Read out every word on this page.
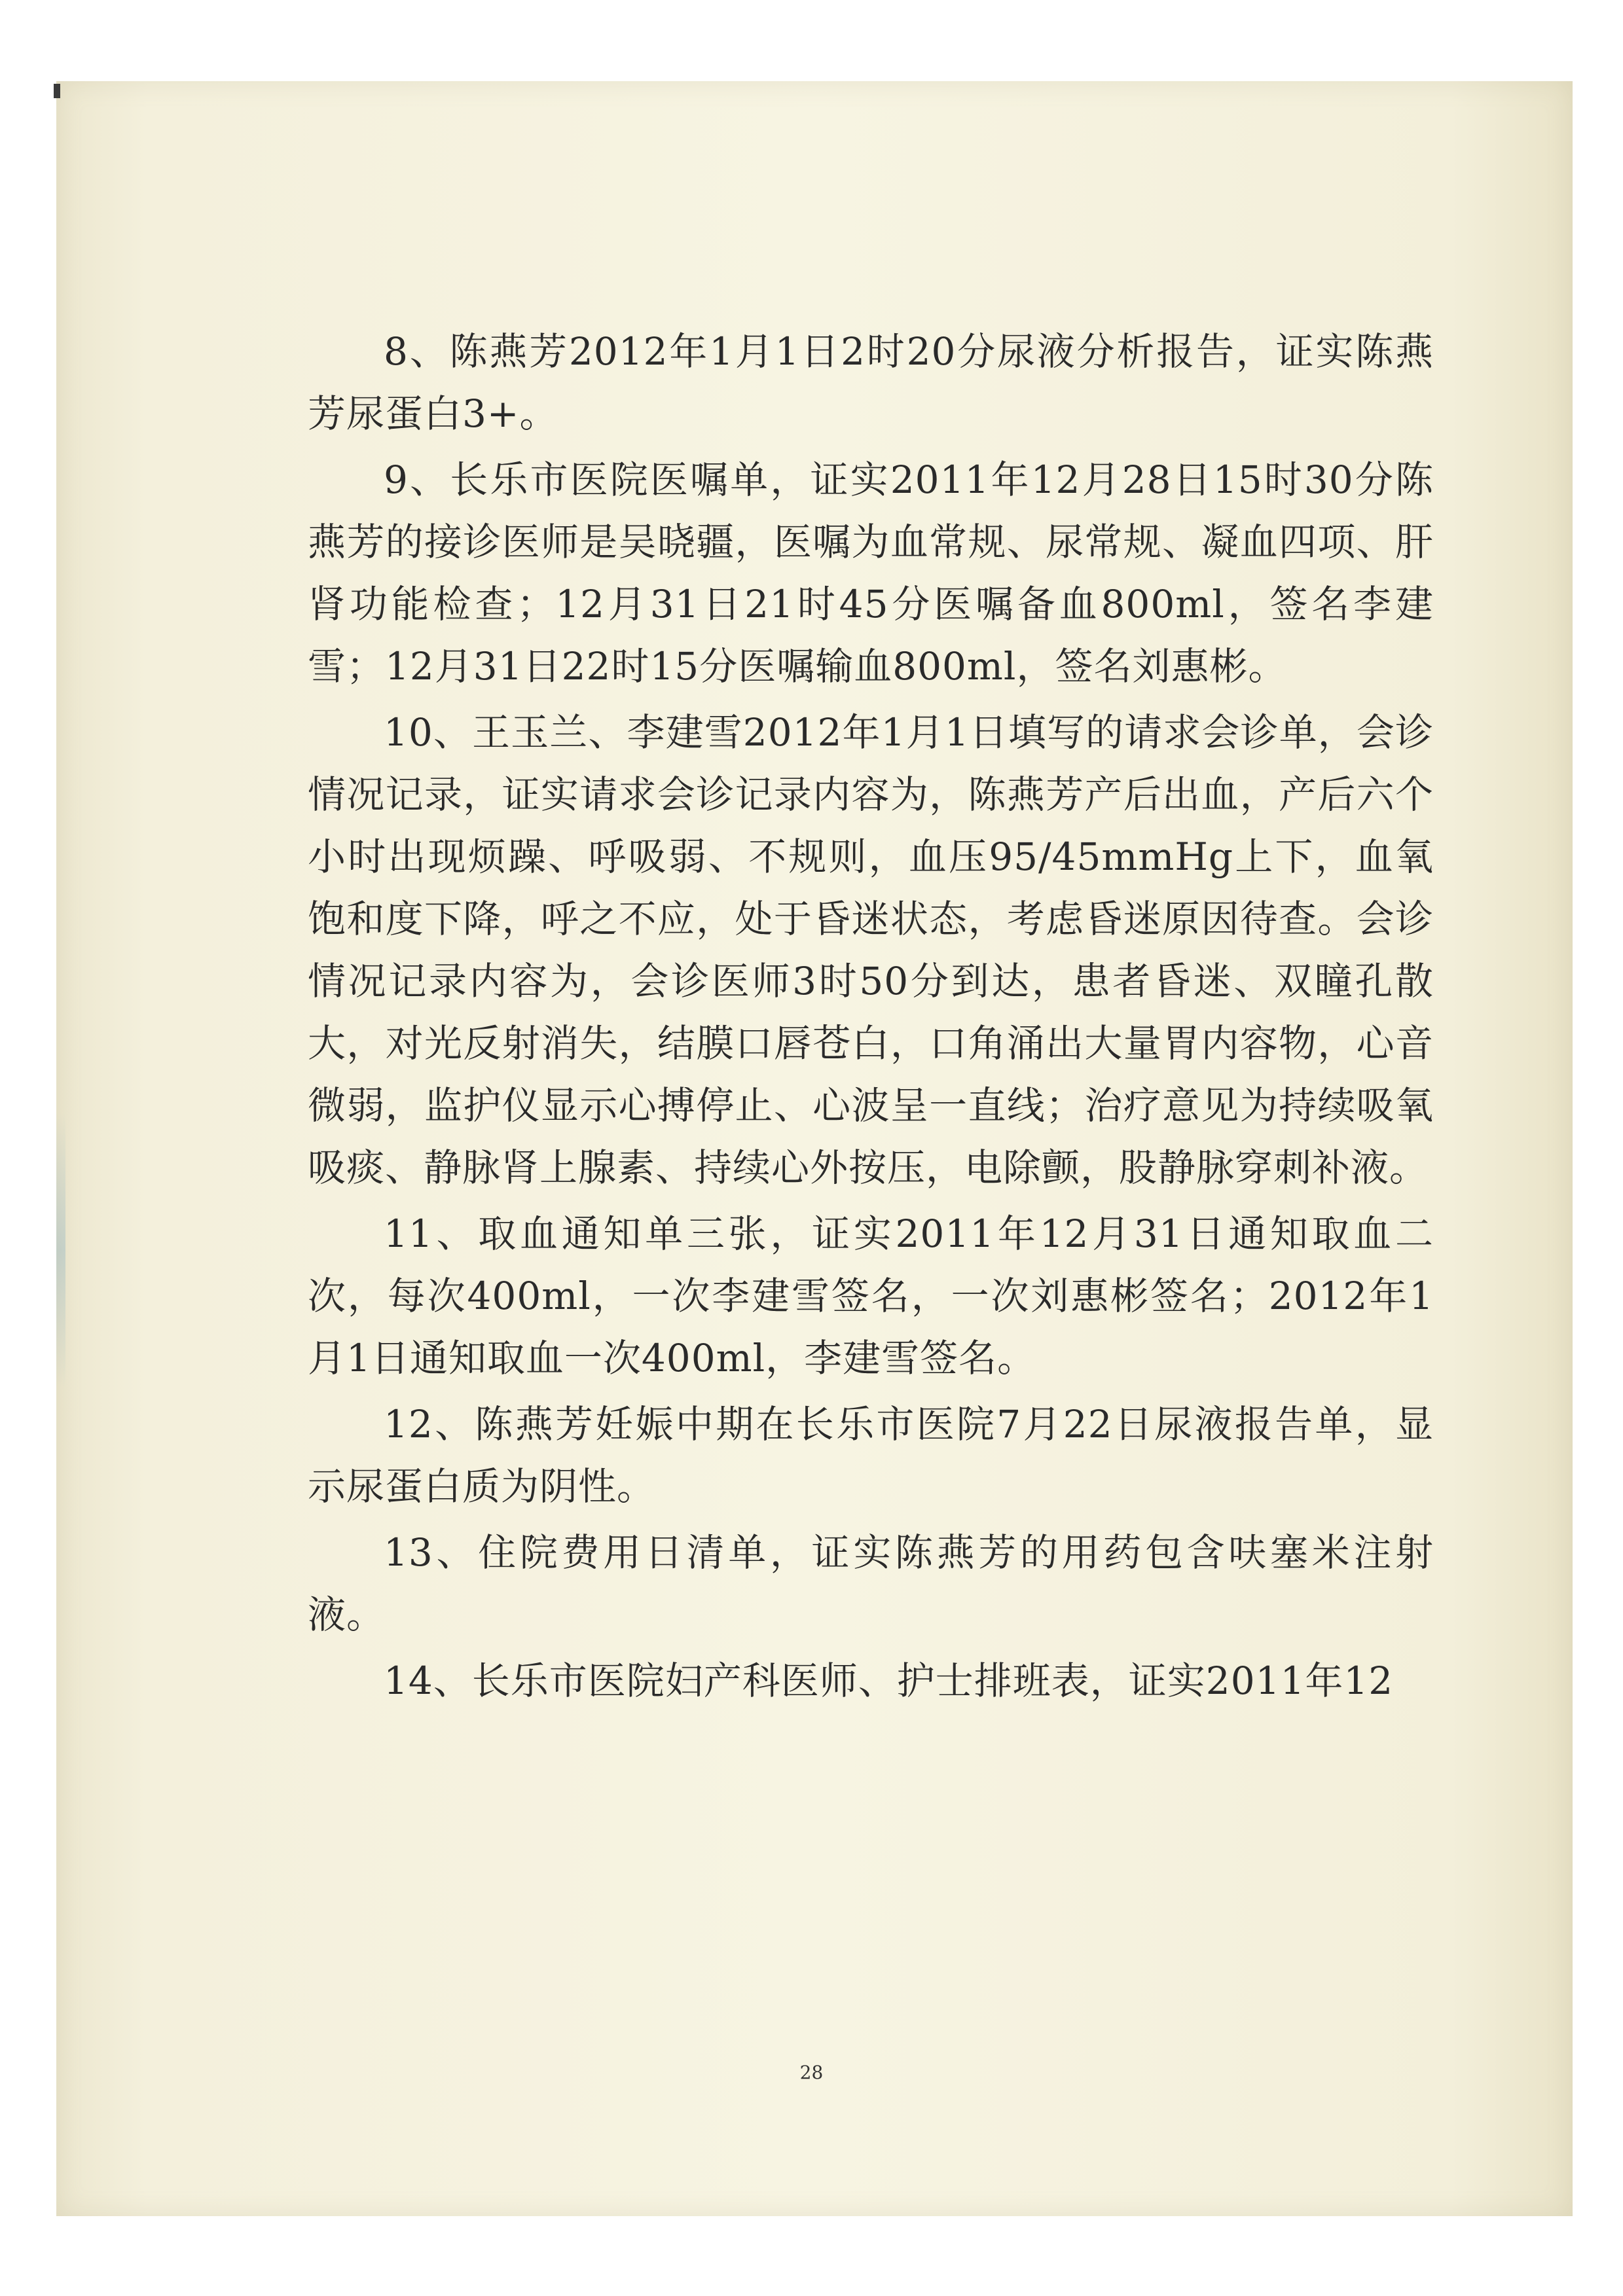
8、陈燕芳2012年1月1日2时20分尿液分析报告，证实陈燕芳尿蛋白3+。

9、长乐市医院医嘱单，证实2011年12月28日15时30分陈燕芳的接诊医师是吴晓疆，医嘱为血常规、尿常规、凝血四项、肝肾功能检查；12月31日21时45分医嘱备血800ml，签名李建雪；12月31日22时15分医嘱输血800ml，签名刘惠彬。

10、王玉兰、李建雪2012年1月1日填写的请求会诊单，会诊情况记录，证实请求会诊记录内容为，陈燕芳产后出血，产后六个小时出现烦躁、呼吸弱、不规则，血压95/45mmHg上下，血氧饱和度下降，呼之不应，处于昏迷状态，考虑昏迷原因待查。会诊情况记录内容为，会诊医师3时50分到达，患者昏迷、双瞳孔散大，对光反射消失，结膜口唇苍白，口角涌出大量胃内容物，心音微弱，监护仪显示心搏停止、心波呈一直线；治疗意见为持续吸氧吸痰、静脉肾上腺素、持续心外按压，电除颤，股静脉穿刺补液。

11、取血通知单三张，证实2011年12月31日通知取血二次，每次400ml，一次李建雪签名，一次刘惠彬签名；2012年1月1日通知取血一次400ml，李建雪签名。

12、陈燕芳妊娠中期在长乐市医院7月22日尿液报告单，显示尿蛋白质为阴性。

13、住院费用日清单，证实陈燕芳的用药包含呋塞米注射液。

14、长乐市医院妇产科医师、护士排班表，证实2011年12

28
